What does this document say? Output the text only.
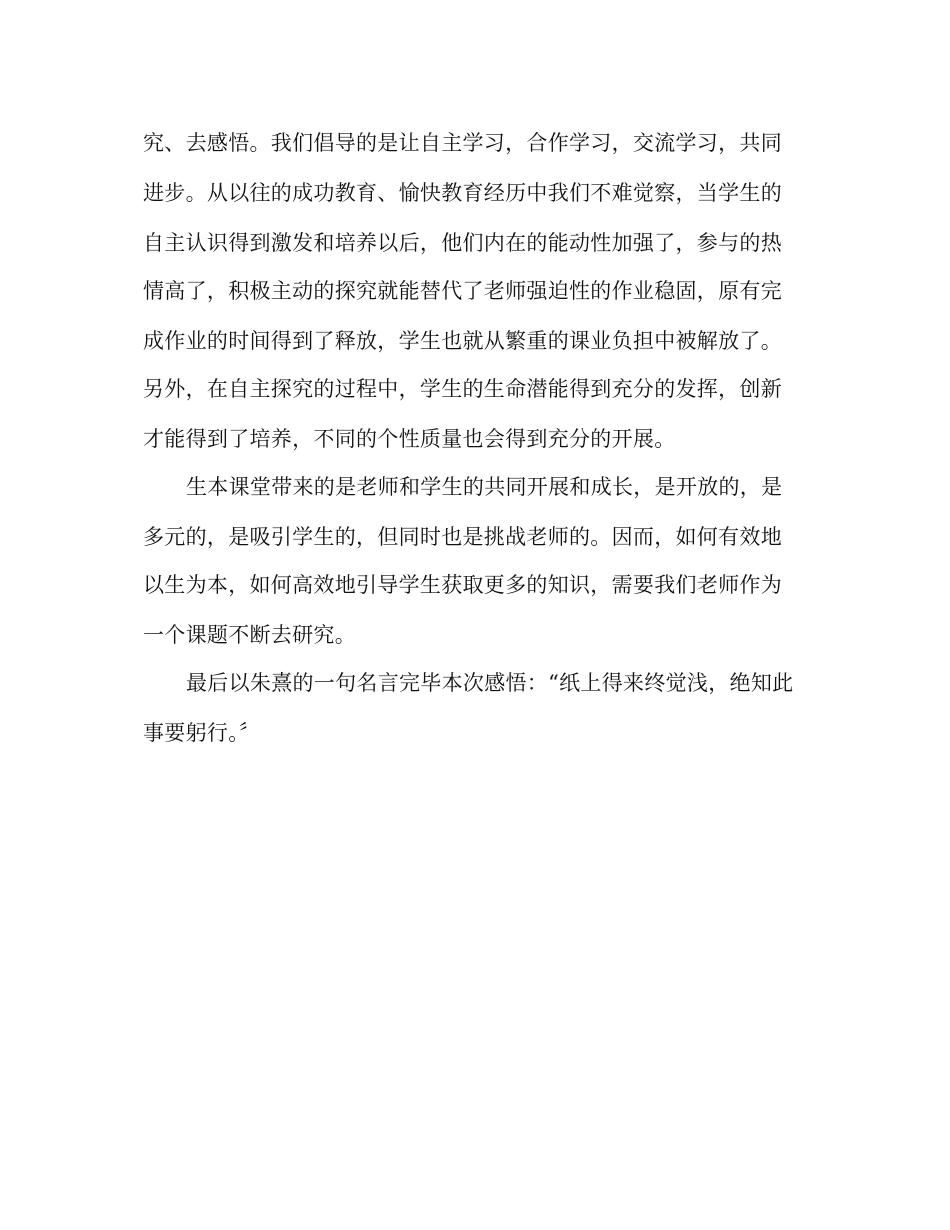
究、去感悟。我们倡导的是让自主学习，合作学习，交流学习，共同
进步。从以往的成功教育、愉快教育经历中我们不难觉察，当学生的
自主认识得到激发和培养以后，他们内在的能动性加强了，参与的热
情高了，积极主动的探究就能替代了老师强迫性的作业稳固，原有完
成作业的时间得到了释放，学生也就从繁重的课业负担中被解放了。
另外，在自主探究的过程中，学生的生命潜能得到充分的发挥，创新
才能得到了培养，不同的个性质量也会得到充分的开展。
生本课堂带来的是老师和学生的共同开展和成长，是开放的，是
多元的，是吸引学生的，但同时也是挑战老师的。因而，如何有效地
以生为本，如何高效地引导学生获取更多的知识，需要我们老师作为
一个课题不断去研究。
最后以朱熹的一句名言完毕本次感悟：“纸上得来终觉浅，绝知此
事要躬行。〞
